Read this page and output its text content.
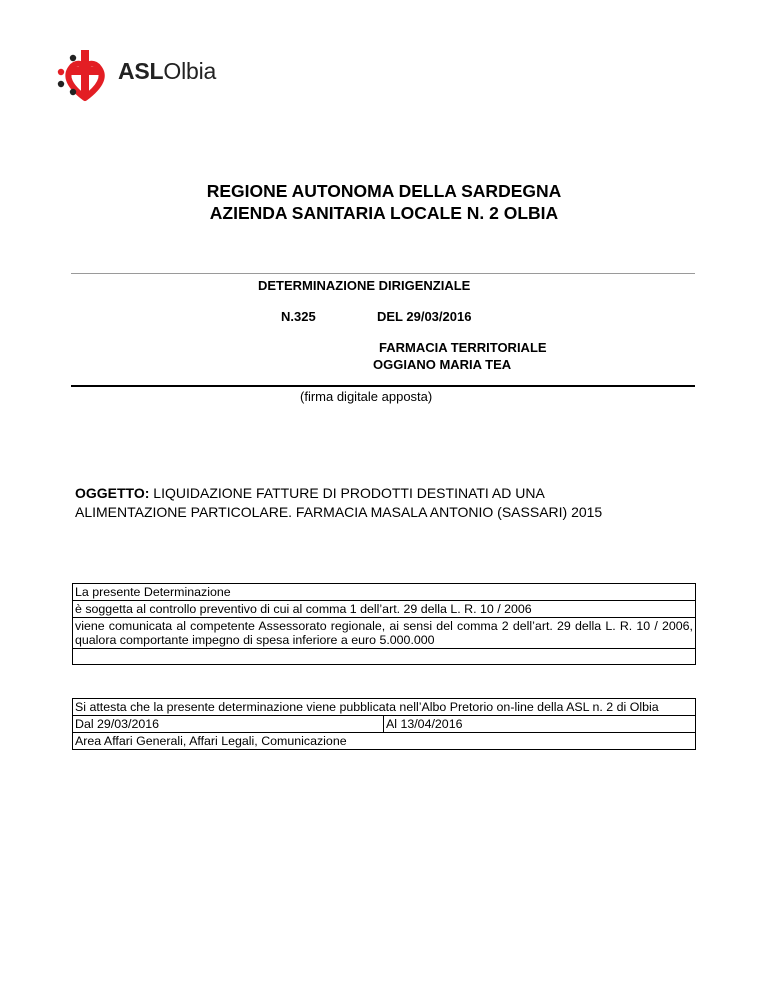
ASLOlbia
REGIONE AUTONOMA DELLA SARDEGNA
AZIENDA SANITARIA LOCALE N. 2 OLBIA
DETERMINAZIONE DIRIGENZIALE
N.325	DEL 29/03/2016
FARMACIA TERRITORIALE
OGGIANO MARIA TEA
(firma digitale apposta)
OGGETTO: LIQUIDAZIONE FATTURE DI PRODOTTI DESTINATI AD UNA
ALIMENTAZIONE PARTICOLARE. FARMACIA MASALA ANTONIO (SASSARI) 2015
La presente Determinazione
è soggetta al controllo preventivo di cui al comma 1 dell’art. 29 della L. R. 10 / 2006
viene comunicata al competente Assessorato regionale, ai sensi del comma 2 dell’art. 29 della L. R. 10 / 2006, qualora comportante impegno di spesa inferiore a euro 5.000.000

Si attesta che la presente determinazione viene pubblicata nell’Albo Pretorio on-line della ASL n. 2 di Olbia
Dal 29/03/2016	Al 13/04/2016
Area Affari Generali, Affari Legali, Comunicazione
